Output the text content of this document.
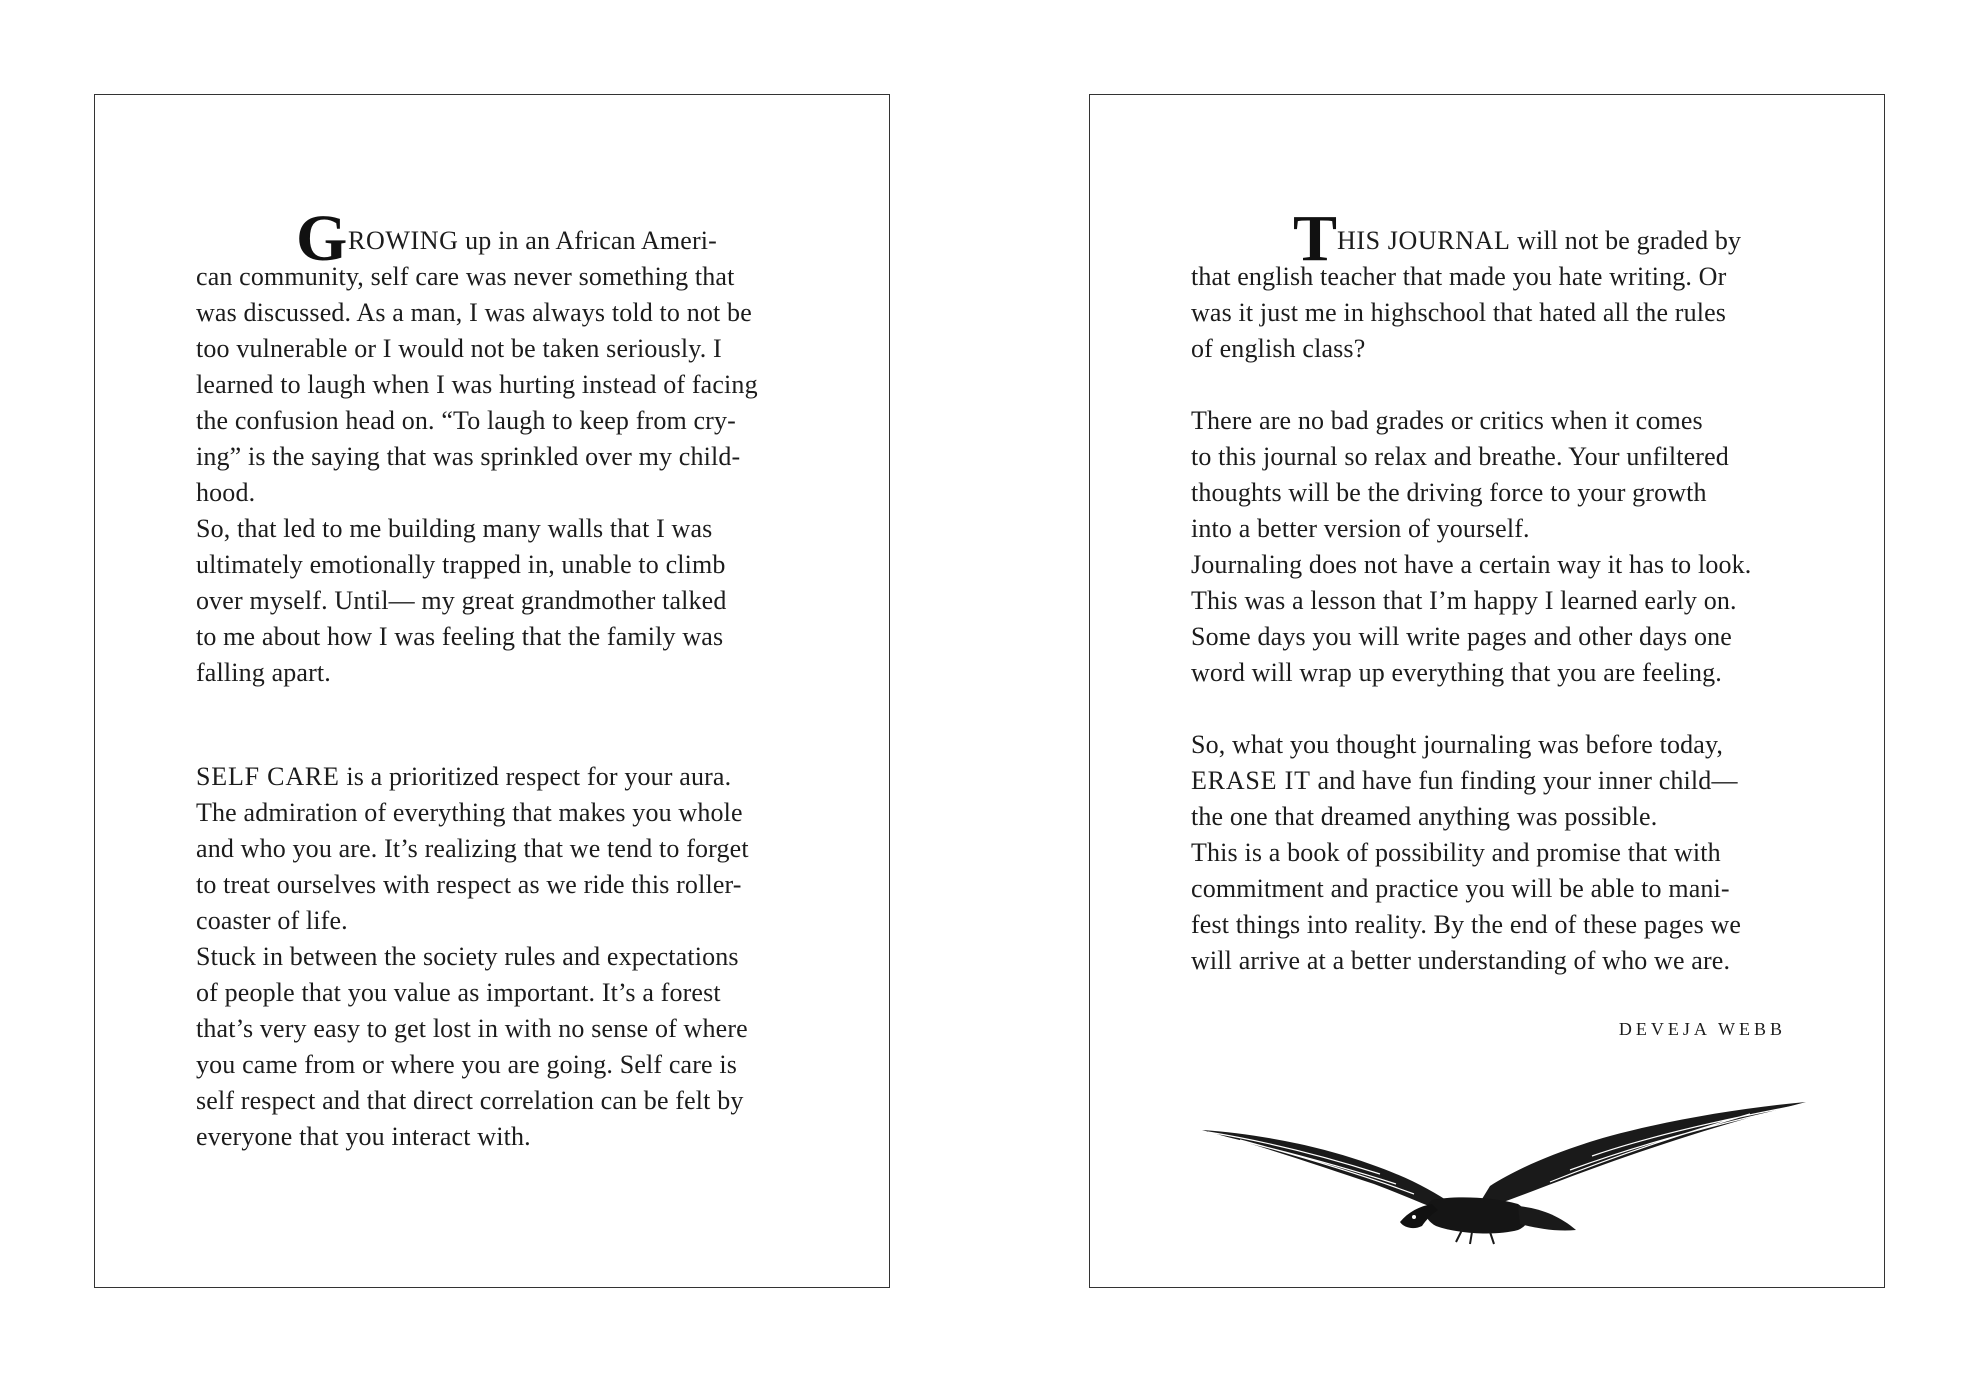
G ROWING up in an African Ameri-
can community, self care was never something that
was discussed. As a man, I was always told to not be
too vulnerable or I would not be taken seriously. I
learned to laugh when I was hurting instead of facing
the confusion head on. “To laugh to keep from cry-
ing” is the saying that was sprinkled over my child-
hood.

So, that led to me building many walls that I was
ultimately emotionally trapped in, unable to climb
over myself. Until— my great grandmother talked
to me about how I was feeling that the family was
falling apart.

SELF CARE is a prioritized respect for your aura.
The admiration of everything that makes you whole
and who you are. It’s realizing that we tend to forget
to treat ourselves with respect as we ride this roller-
coaster of life.

Stuck in between the society rules and expectations
of people that you value as important. It’s a forest
that’s very easy to get lost in with no sense of where
you came from or where you are going. Self care is
self respect and that direct correlation can be felt by
everyone that you interact with.

T HIS JOURNAL will not be graded by
that english teacher that made you hate writing. Or
was it just me in highschool that hated all the rules
of english class?

There are no bad grades or critics when it comes
to this journal so relax and breathe. Your unfiltered
thoughts will be the driving force to your growth
into a better version of yourself.

Journaling does not have a certain way it has to look.
This was a lesson that I’m happy I learned early on.
Some days you will write pages and other days one
word will wrap up everything that you are feeling.

So, what you thought journaling was before today,
ERASE IT and have fun finding your inner child—
the one that dreamed anything was possible.

This is a book of possibility and promise that with
commitment and practice you will be able to mani-
fest things into reality. By the end of these pages we
will arrive at a better understanding of who we are.

DEVEJA WEBB
